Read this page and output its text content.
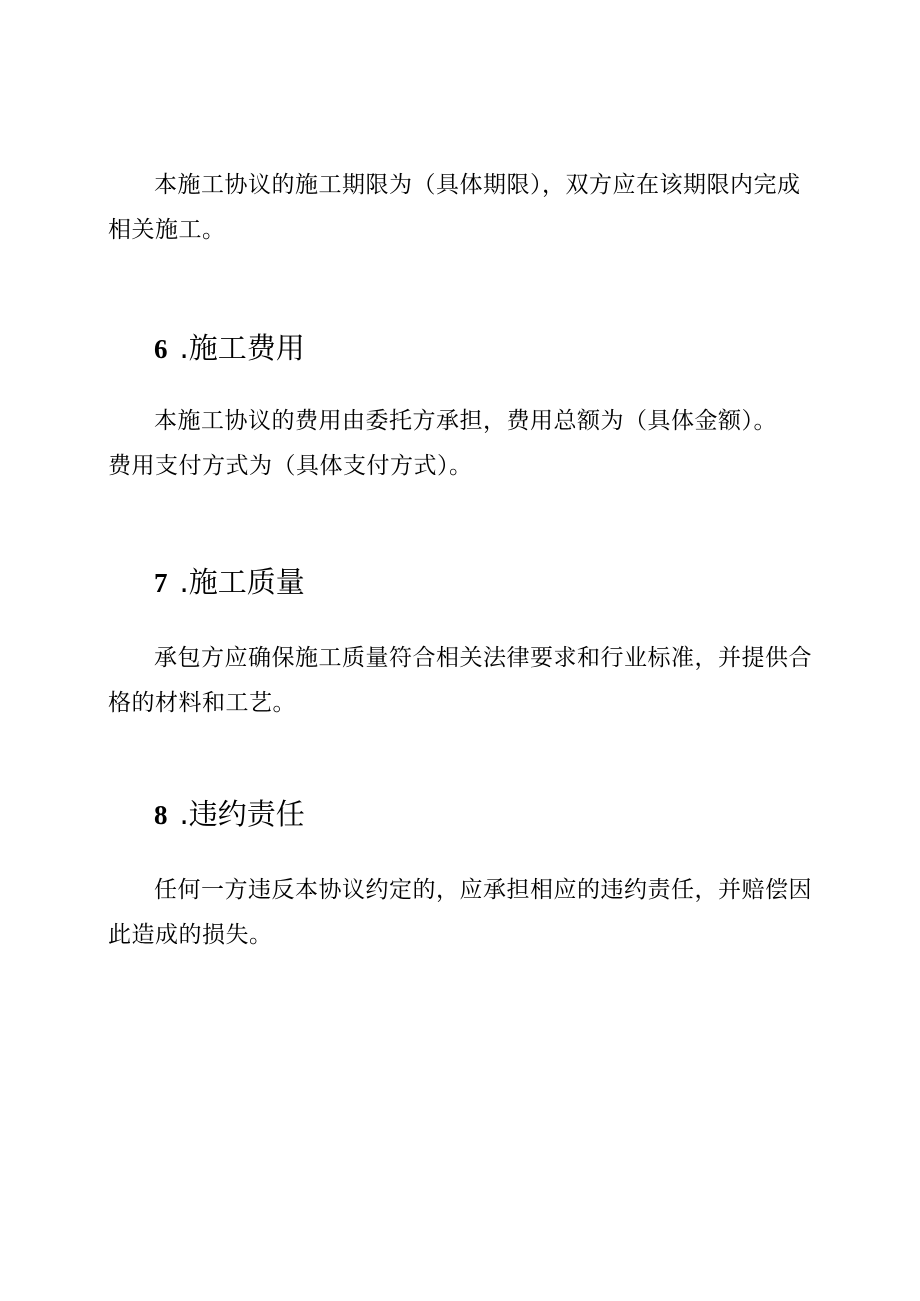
本施工协议的施工期限为（具体期限），双方应在该期限内完成相关施工。

6 .施工费用

本施工协议的费用由委托方承担，费用总额为（具体金额）。费用支付方式为（具体支付方式）。

7 .施工质量

承包方应确保施工质量符合相关法律要求和行业标准，并提供合格的材料和工艺。

8 .违约责任

任何一方违反本协议约定的，应承担相应的违约责任，并赔偿因此造成的损失。
